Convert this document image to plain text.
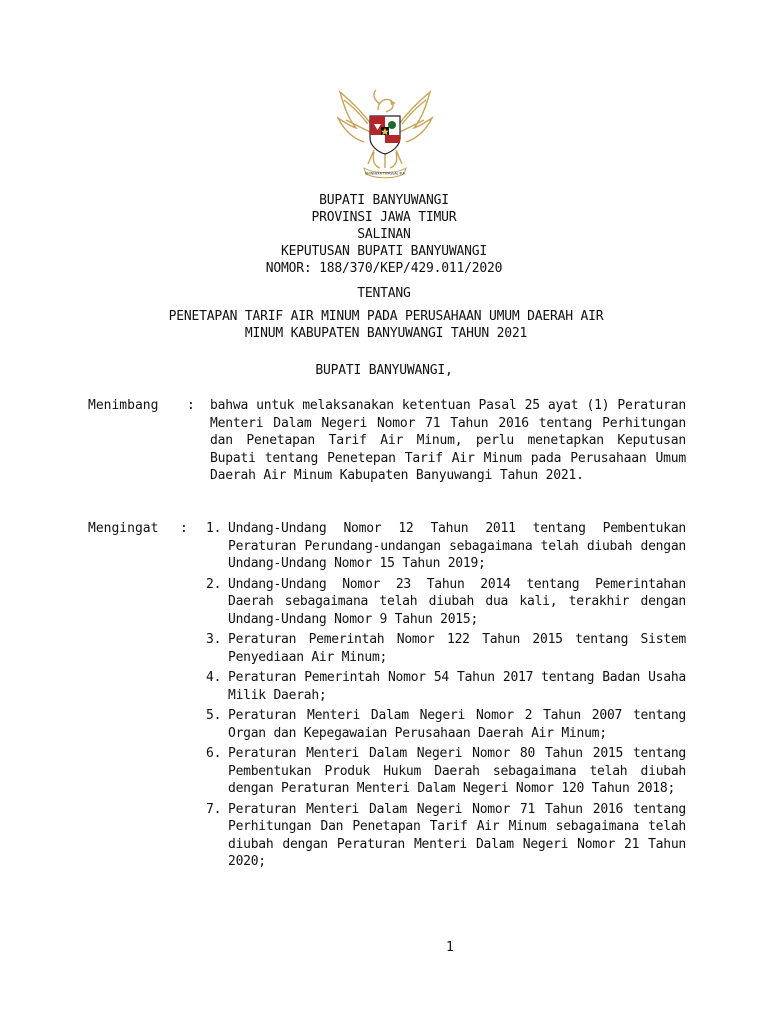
BHINNEKA TUNGGAL IKA
BUPATI BANYUWANGI
PROVINSI JAWA TIMUR
SALINAN
KEPUTUSAN BUPATI BANYUWANGI
NOMOR: 188/370/KEP/429.011/2020
TENTANG
PENETAPAN TARIF AIR MINUM PADA PERUSAHAAN UMUM DAERAH AIR
MINUM KABUPATEN BANYUWANGI TAHUN 2021
BUPATI BANYUWANGI,
Menimbang : bahwa untuk melaksanakan ketentuan Pasal 25 ayat (1) Peraturan Menteri Dalam Negeri Nomor 71 Tahun 2016 tentang Perhitungan dan Penetapan Tarif Air Minum, perlu menetapkan Keputusan Bupati tentang Penetepan Tarif Air Minum pada Perusahaan Umum Daerah Air Minum Kabupaten Banyuwangi Tahun 2021.
Mengingat : 1. Undang-Undang Nomor 12 Tahun 2011 tentang Pembentukan Peraturan Perundang-undangan sebagaimana telah diubah dengan Undang-Undang Nomor 15 Tahun 2019;
2. Undang-Undang Nomor 23 Tahun 2014 tentang Pemerintahan Daerah sebagaimana telah diubah dua kali, terakhir dengan Undang-Undang Nomor 9 Tahun 2015;
3. Peraturan Pemerintah Nomor 122 Tahun 2015 tentang Sistem Penyediaan Air Minum;
4. Peraturan Pemerintah Nomor 54 Tahun 2017 tentang Badan Usaha Milik Daerah;
5. Peraturan Menteri Dalam Negeri Nomor 2 Tahun 2007 tentang Organ dan Kepegawaian Perusahaan Daerah Air Minum;
6. Peraturan Menteri Dalam Negeri Nomor 80 Tahun 2015 tentang Pembentukan Produk Hukum Daerah sebagaimana telah diubah dengan Peraturan Menteri Dalam Negeri Nomor 120 Tahun 2018;
7. Peraturan Menteri Dalam Negeri Nomor 71 Tahun 2016 tentang Perhitungan Dan Penetapan Tarif Air Minum sebagaimana telah diubah dengan Peraturan Menteri Dalam Negeri Nomor 21 Tahun 2020;
1
